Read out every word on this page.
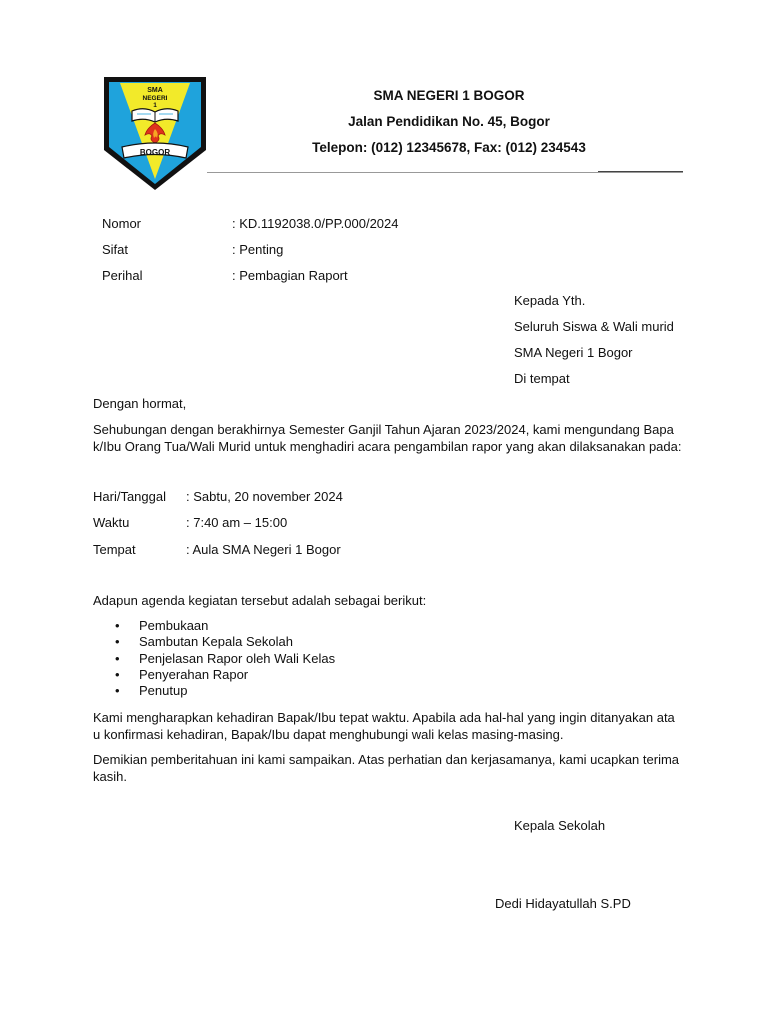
SMA
NEGERI
1
BOGOR
SMA NEGERI 1 BOGOR
Jalan Pendidikan No. 45, Bogor
Telepon: (012) 12345678, Fax: (012) 234543
Nomor	: KD.1192038.0/PP.000/2024
Sifat	: Penting
Perihal	: Pembagian Raport
Kepada Yth.
Seluruh Siswa & Wali murid
SMA Negeri 1 Bogor
Di tempat
Dengan hormat,
Sehubungan dengan berakhirnya Semester Ganjil Tahun Ajaran 2023/2024, kami mengundang Bapa
k/Ibu Orang Tua/Wali Murid untuk menghadiri acara pengambilan rapor yang akan dilaksanakan pada:
Hari/Tanggal : Sabtu, 20 november 2024
Waktu	: 7:40 am – 15:00
Tempat	: Aula SMA Negeri 1 Bogor
Adapun agenda kegiatan tersebut adalah sebagai berikut:
• Pembukaan
• Sambutan Kepala Sekolah
• Penjelasan Rapor oleh Wali Kelas
• Penyerahan Rapor
• Penutup
Kami mengharapkan kehadiran Bapak/Ibu tepat waktu. Apabila ada hal-hal yang ingin ditanyakan ata
u konfirmasi kehadiran, Bapak/Ibu dapat menghubungi wali kelas masing-masing.
Demikian pemberitahuan ini kami sampaikan. Atas perhatian dan kerjasamanya, kami ucapkan terima
kasih.
Kepala Sekolah
Dedi Hidayatullah S.PD
